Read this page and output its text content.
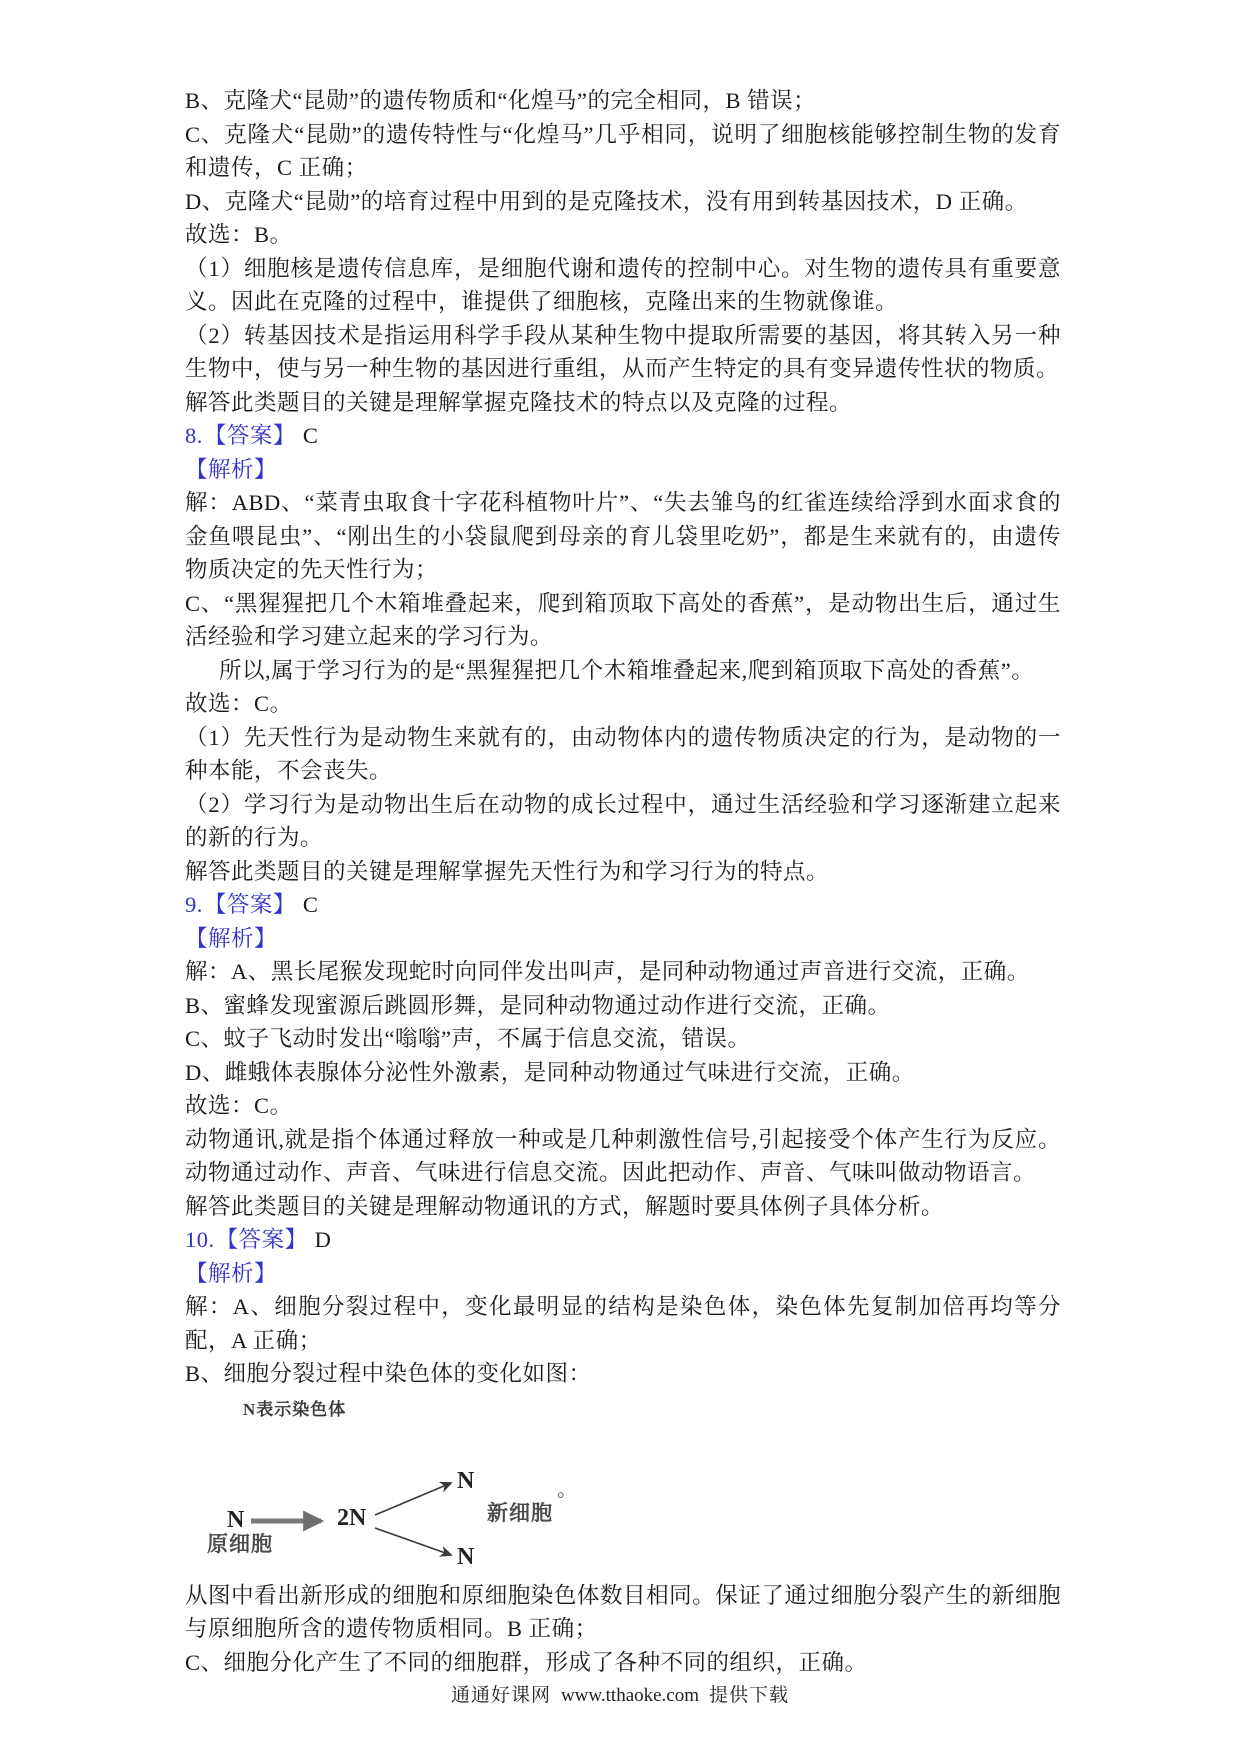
B、克隆犬“昆勋”的遗传物质和“化煌马”的完全相同，B 错误；

C、克隆犬“昆勋”的遗传特性与“化煌马”几乎相同，说明了细胞核能够控制生物的发育和遗传，C 正确；

D、克隆犬“昆勋”的培育过程中用到的是克隆技术，没有用到转基因技术，D 正确。

故选：B。

（1）细胞核是遗传信息库，是细胞代谢和遗传的控制中心。对生物的遗传具有重要意义。因此在克隆的过程中，谁提供了细胞核，克隆出来的生物就像谁。

（2）转基因技术是指运用科学手段从某种生物中提取所需要的基因，将其转入另一种生物中，使与另一种生物的基因进行重组，从而产生特定的具有变异遗传性状的物质。

解答此类题目的关键是理解掌握克隆技术的特点以及克隆的过程。

8.【答案】 C

【解析】

解：ABD、“菜青虫取食十字花科植物叶片”、“失去雏鸟的红雀连续给浮到水面求食的金鱼喂昆虫”、“刚出生的小袋鼠爬到母亲的育儿袋里吃奶”，都是生来就有的，由遗传物质决定的先天性行为；

C、“黑猩猩把几个木箱堆叠起来，爬到箱顶取下高处的香蕉”，是动物出生后，通过生活经验和学习建立起来的学习行为。

所以,属于学习行为的是“黑猩猩把几个木箱堆叠起来,爬到箱顶取下高处的香蕉”。

故选：C。

（1）先天性行为是动物生来就有的，由动物体内的遗传物质决定的行为，是动物的一种本能，不会丧失。

（2）学习行为是动物出生后在动物的成长过程中，通过生活经验和学习逐渐建立起来的新的行为。

解答此类题目的关键是理解掌握先天性行为和学习行为的特点。

9.【答案】 C

【解析】

解：A、黑长尾猴发现蛇时向同伴发出叫声，是同种动物通过声音进行交流，正确。

B、蜜蜂发现蜜源后跳圆形舞，是同种动物通过动作进行交流，正确。

C、蚊子飞动时发出“嗡嗡”声，不属于信息交流，错误。

D、雌蛾体表腺体分泌性外激素，是同种动物通过气味进行交流，正确。

故选：C。

动物通讯,就是指个体通过释放一种或是几种刺激性信号,引起接受个体产生行为反应。动物通过动作、声音、气味进行信息交流。因此把动作、声音、气味叫做动物语言。

解答此类题目的关键是理解动物通讯的方式，解题时要具体例子具体分析。

10.【答案】 D

【解析】

解：A、细胞分裂过程中，变化最明显的结构是染色体，染色体先复制加倍再均等分配，A 正确；

B、细胞分裂过程中染色体的变化如图：

N表示染色体
N	2N
N
N
原细胞
新细胞
。

从图中看出新形成的细胞和原细胞染色体数目相同。保证了通过细胞分裂产生的新细胞与原细胞所含的遗传物质相同。B 正确；

C、细胞分化产生了不同的细胞群，形成了各种不同的组织，正确。

通通好课网 www.tthaoke.com 提供下载
